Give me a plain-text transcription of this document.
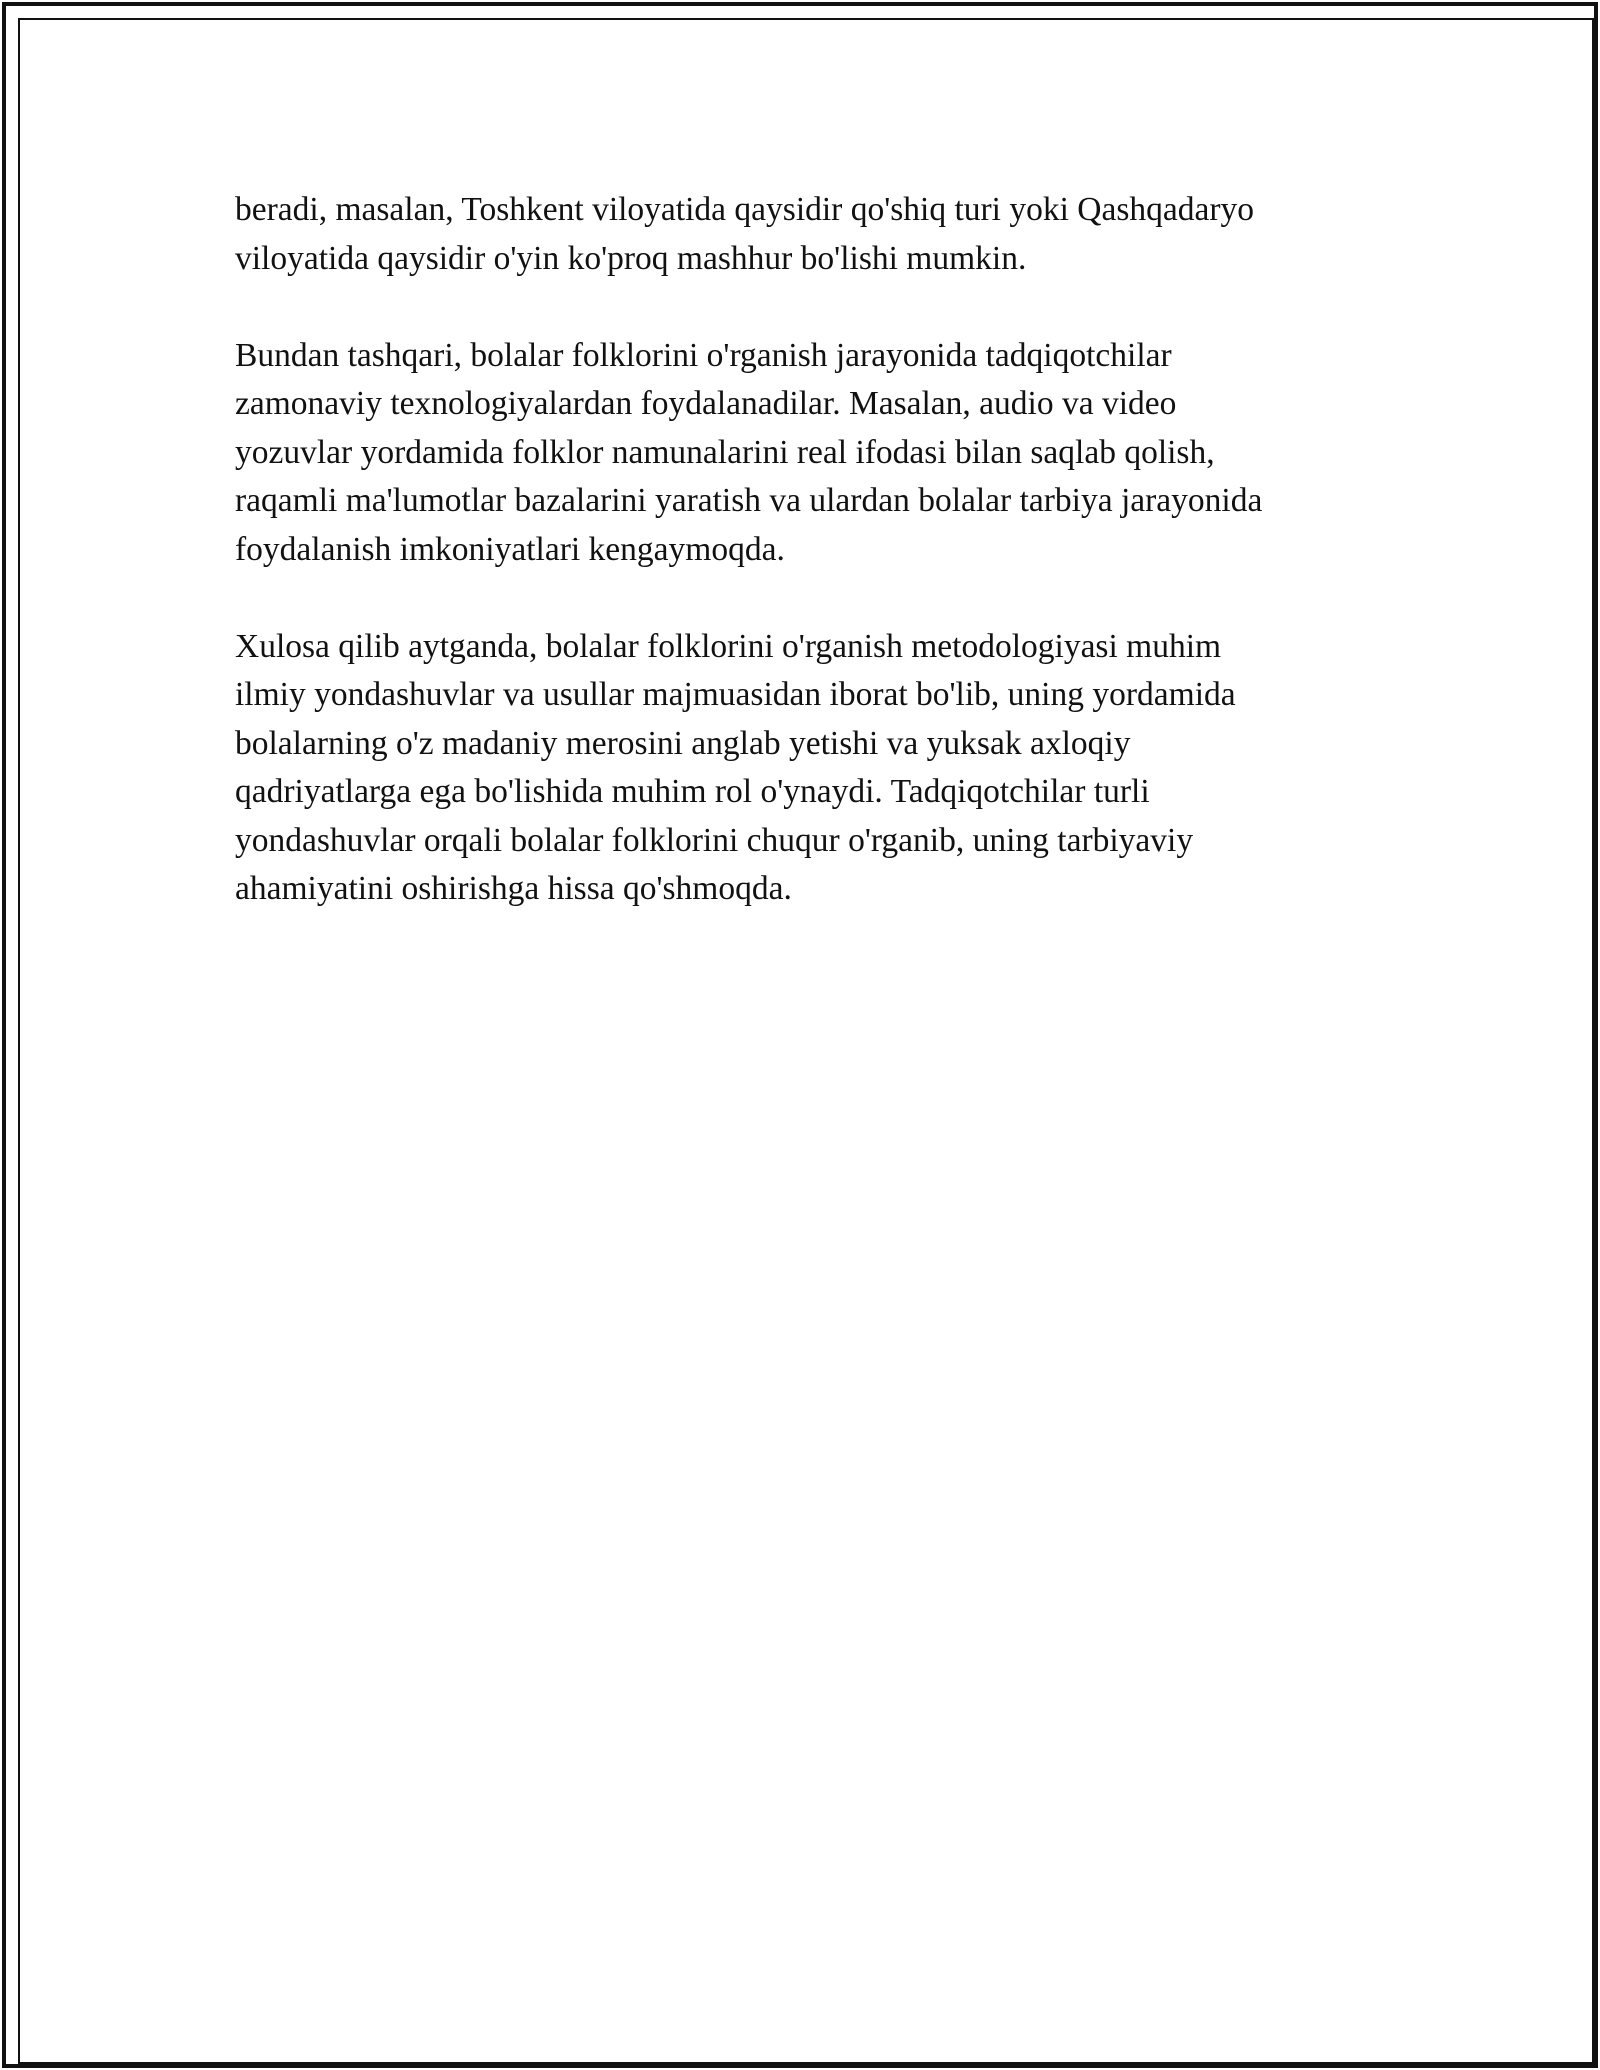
beradi, masalan, Toshkent viloyatida qaysidir qo'shiq turi yoki Qashqadaryo
viloyatida qaysidir o'yin ko'proq mashhur bo'lishi mumkin.

Bundan tashqari, bolalar folklorini o'rganish jarayonida tadqiqotchilar
zamonaviy texnologiyalardan foydalanadilar. Masalan, audio va video
yozuvlar yordamida folklor namunalarini real ifodasi bilan saqlab qolish,
raqamli ma'lumotlar bazalarini yaratish va ulardan bolalar tarbiya jarayonida
foydalanish imkoniyatlari kengaymoqda.

Xulosa qilib aytganda, bolalar folklorini o'rganish metodologiyasi muhim
ilmiy yondashuvlar va usullar majmuasidan iborat bo'lib, uning yordamida
bolalarning o'z madaniy merosini anglab yetishi va yuksak axloqiy
qadriyatlarga ega bo'lishida muhim rol o'ynaydi. Tadqiqotchilar turli
yondashuvlar orqali bolalar folklorini chuqur o'rganib, uning tarbiyaviy
ahamiyatini oshirishga hissa qo'shmoqda.
